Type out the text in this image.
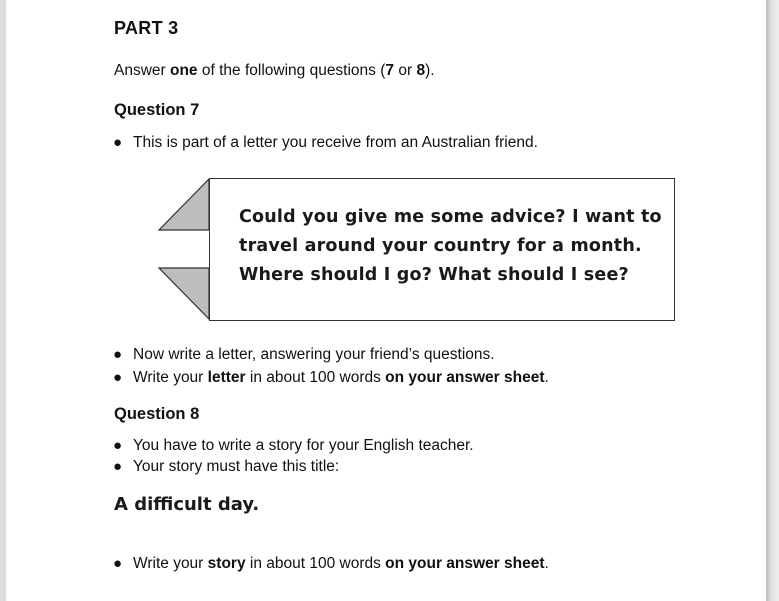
PART 3
Answer one of the following questions (7 or 8).
Question 7
● This is part of a letter you receive from an Australian friend.
Could you give me some advice? I want to
travel around your country for a month.
Where should I go? What should I see?
● Now write a letter, answering your friend’s questions.
● Write your letter in about 100 words on your answer sheet.
Question 8
● You have to write a story for your English teacher.
● Your story must have this title:
A difficult day.
● Write your story in about 100 words on your answer sheet.
